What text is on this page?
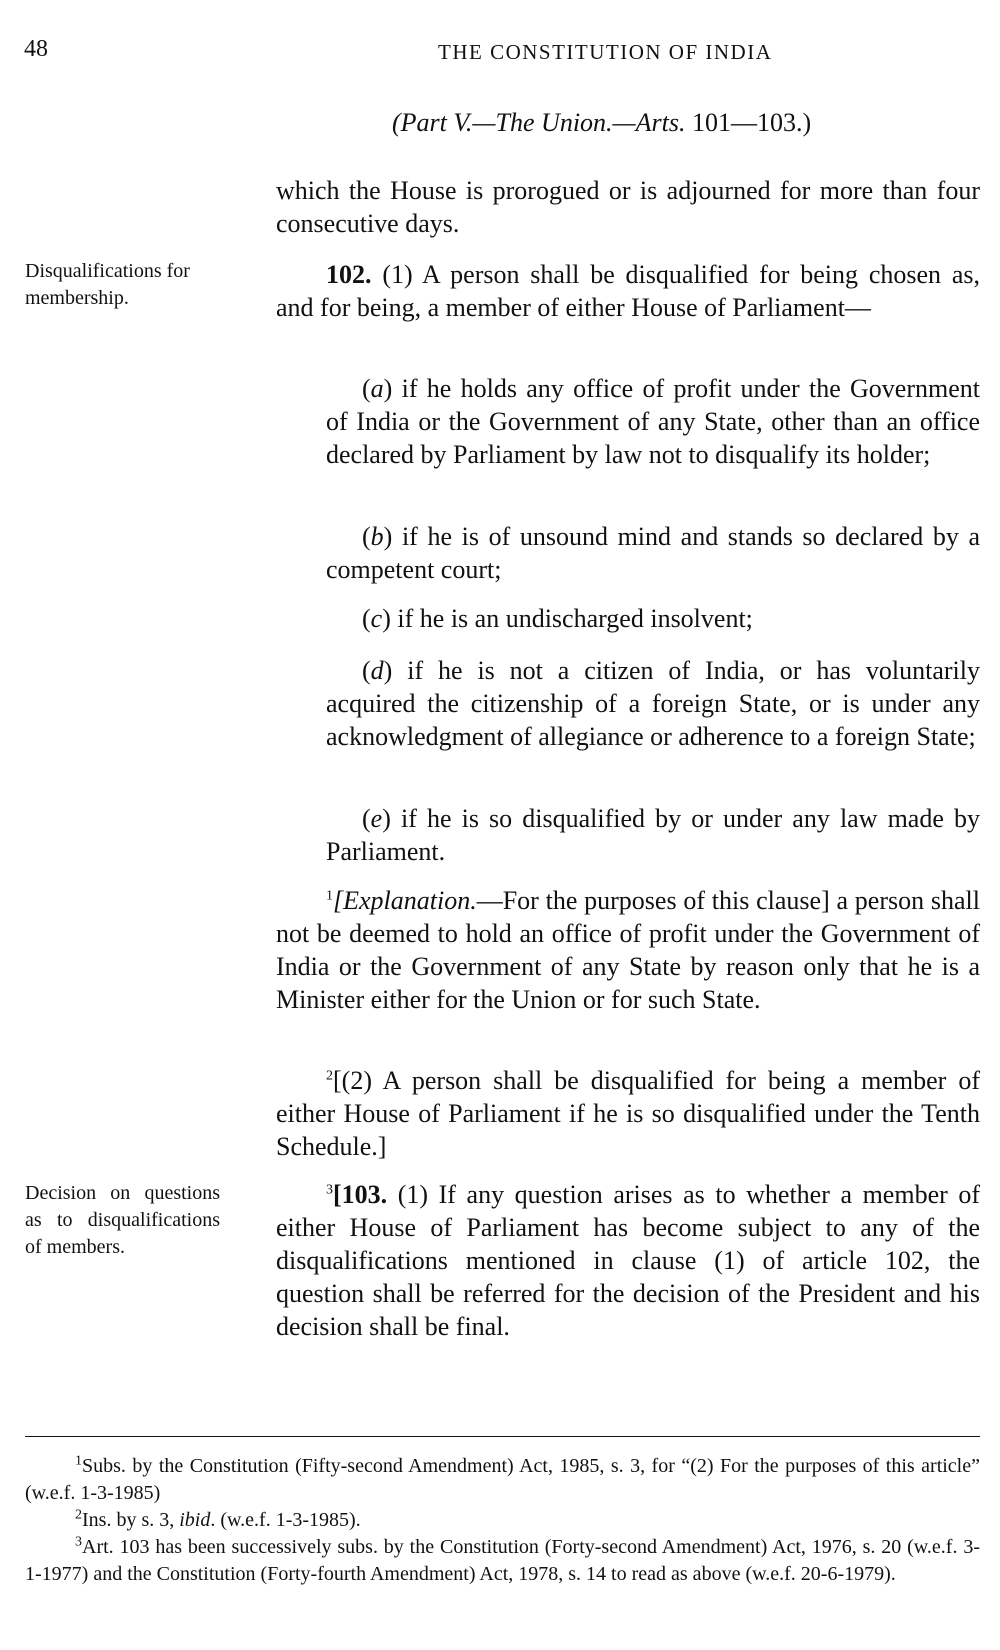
48	THE CONSTITUTION OF INDIA
(Part V.—The Union.—Arts. 101—103.)

which the House is prorogued or is adjourned for more than four consecutive days.

Disqualifications for membership.

102. (1) A person shall be disqualified for being chosen as, and for being, a member of either House of Parliament—

(a) if he holds any office of profit under the Government of India or the Government of any State, other than an office declared by Parliament by law not to disqualify its holder;

(b) if he is of unsound mind and stands so declared by a competent court;

(c) if he is an undischarged insolvent;

(d) if he is not a citizen of India, or has voluntarily acquired the citizenship of a foreign State, or is under any acknowledgment of allegiance or adherence to a foreign State;

(e) if he is so disqualified by or under any law made by Parliament.

$^1$[Explanation.—For the purposes of this clause] a person shall not be deemed to hold an office of profit under the Government of India or the Government of any State by reason only that he is a Minister either for the Union or for such State.

$^2$[(2) A person shall be disqualified for being a member of either House of Parliament if he is so disqualified under the Tenth Schedule.]

Decision on questions as to disqualifications of members.

$^3$[103. (1) If any question arises as to whether a member of either House of Parliament has become subject to any of the disqualifications mentioned in clause (1) of article 102, the question shall be referred for the decision of the President and his decision shall be final.

$^1$Subs. by the Constitution (Fifty-second Amendment) Act, 1985, s. 3, for “(2) For the purposes of this article” (w.e.f. 1-3-1985)

$^2$Ins. by s. 3, ibid. (w.e.f. 1-3-1985).

$^3$Art. 103 has been successively subs. by the Constitution (Forty-second Amendment) Act, 1976, s. 20 (w.e.f. 3-1-1977) and the Constitution (Forty-fourth Amendment) Act, 1978, s. 14 to read as above (w.e.f. 20-6-1979).
